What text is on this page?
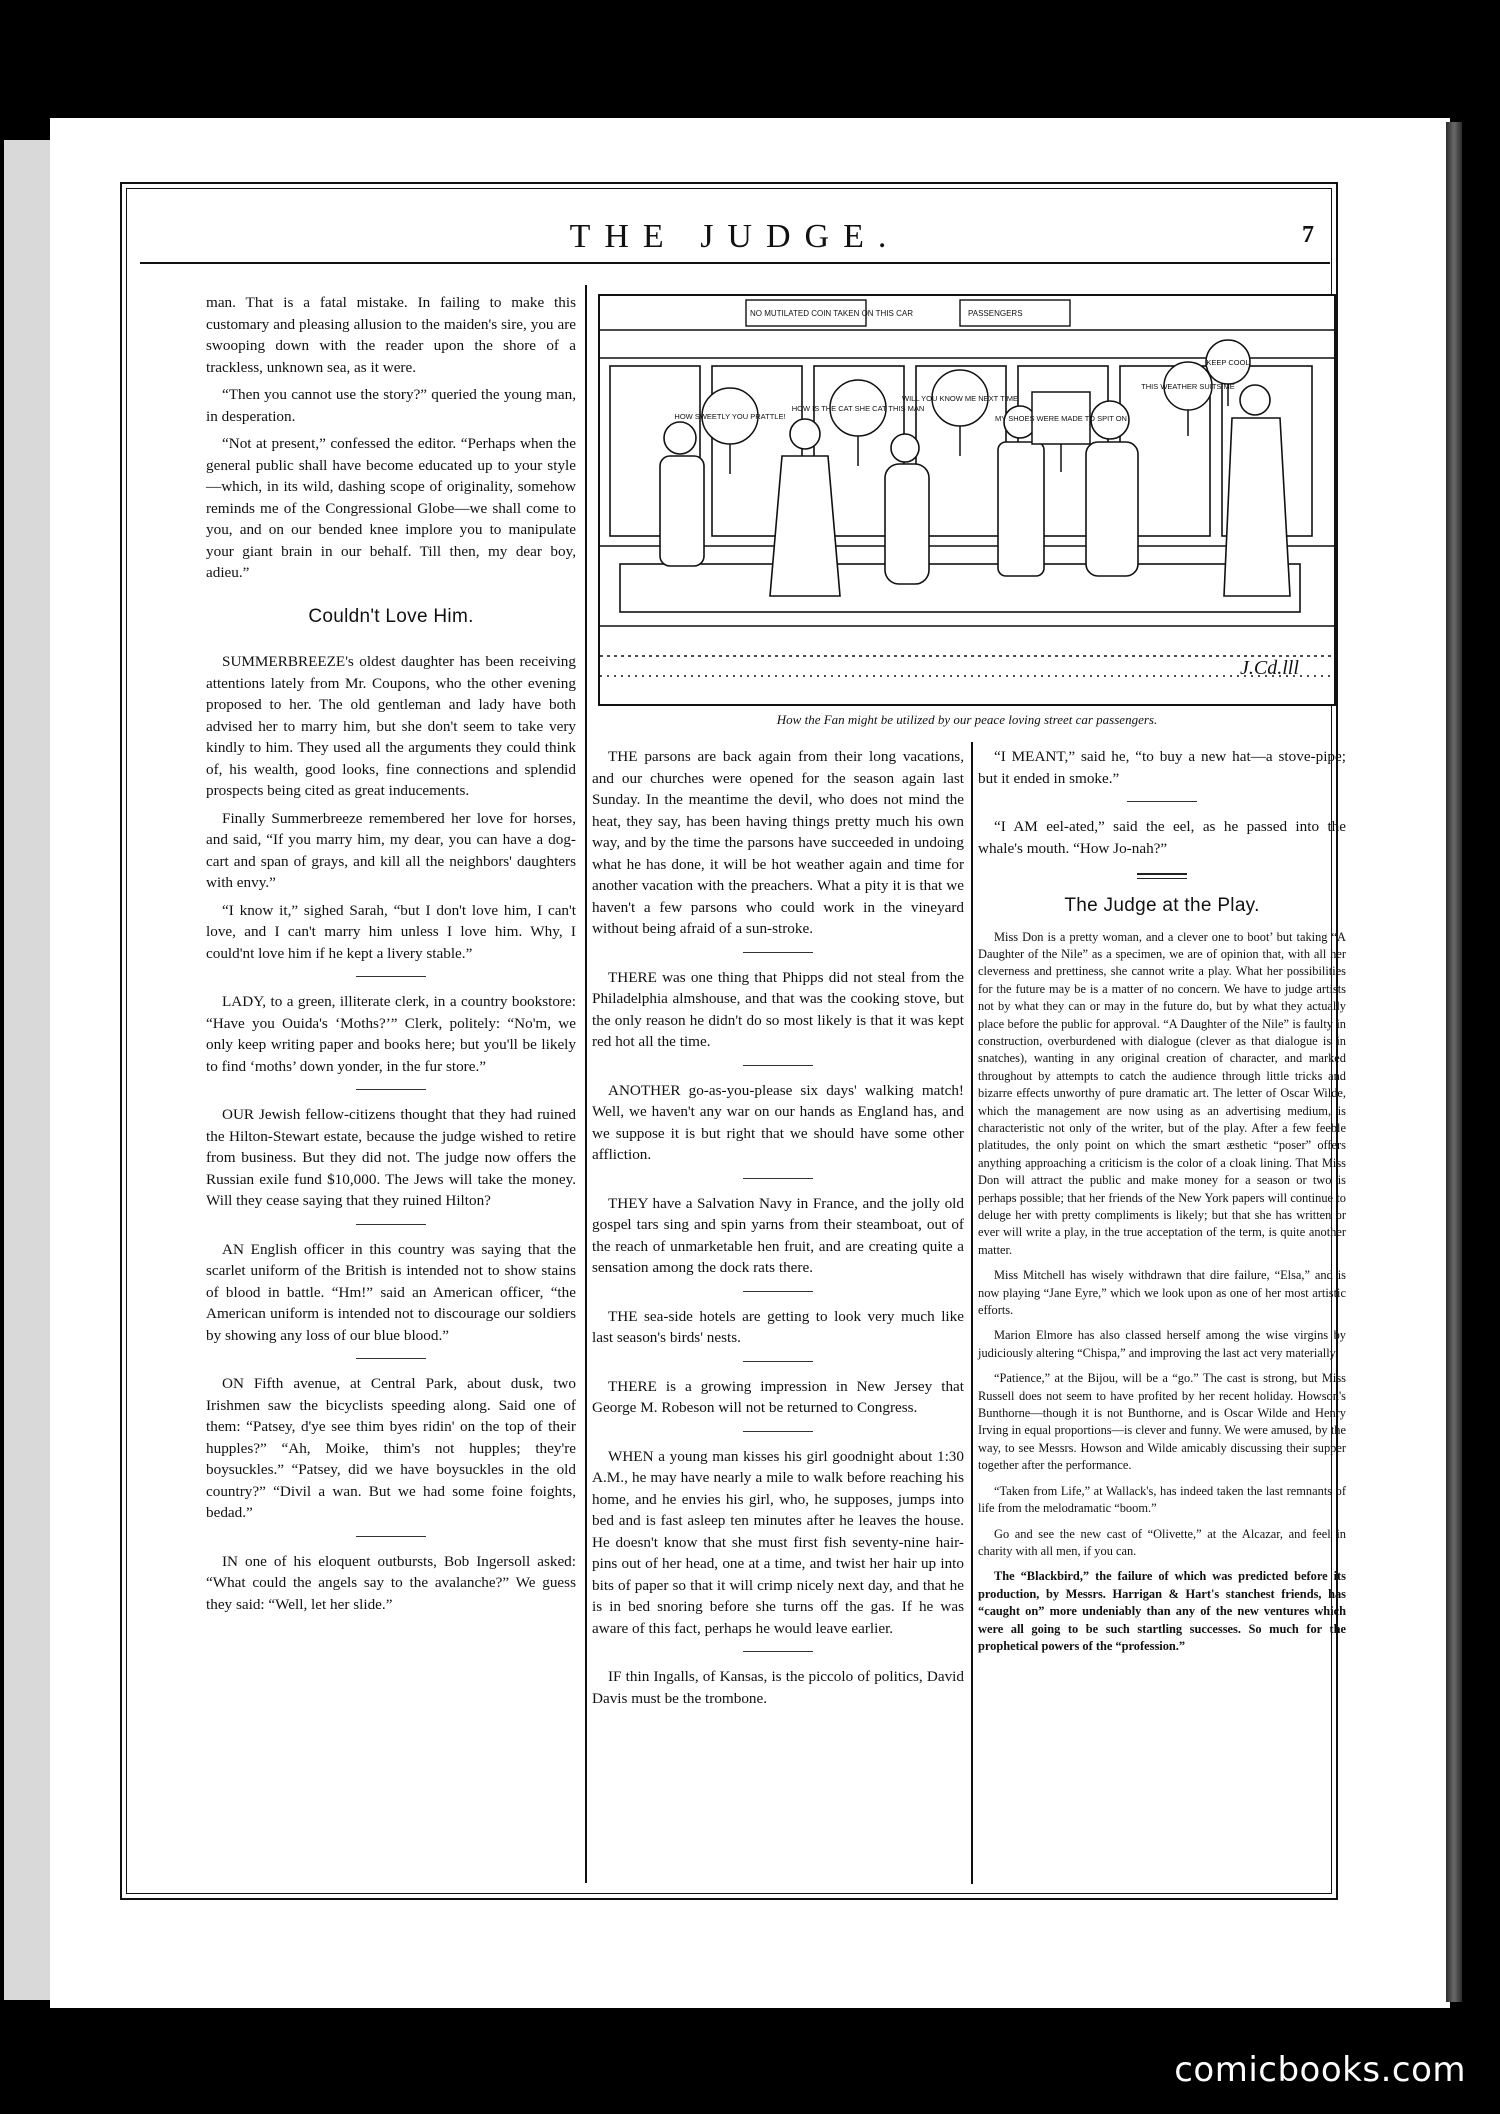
THE JUDGE.	7

man. That is a fatal mistake. In failing to make this customary and pleasing allusion to the maiden's sire, you are swooping down with the reader upon the shore of a trackless, unknown sea, as it were.

“Then you cannot use the story?” queried the young man, in desperation.

“Not at present,” confessed the editor. “Perhaps when the general public shall have become educated up to your style—which, in its wild, dashing scope of originality, somehow reminds me of the Congressional Globe—we shall come to you, and on our bended knee implore you to manipulate your giant brain in our behalf. Till then, my dear boy, adieu.”

Couldn't Love Him.

SUMMERBREEZE's oldest daughter has been receiving attentions lately from Mr. Coupons, who the other evening proposed to her. The old gentleman and lady have both advised her to marry him, but she don't seem to take very kindly to him. They used all the arguments they could think of, his wealth, good looks, fine connections and splendid prospects being cited as great inducements.

Finally Summerbreeze remembered her love for horses, and said, “If you marry him, my dear, you can have a dog-cart and span of grays, and kill all the neighbors' daughters with envy.”

“I know it,” sighed Sarah, “but I don't love him, I can't love, and I can't marry him unless I love him. Why, I could'nt love him if he kept a livery stable.”

LADY, to a green, illiterate clerk, in a country bookstore: “Have you Ouida's ‘Moths?’” Clerk, politely: “No'm, we only keep writing paper and books here; but you'll be likely to find ‘moths’ down yonder, in the fur store.”

OUR Jewish fellow-citizens thought that they had ruined the Hilton-Stewart estate, because the judge wished to retire from business. But they did not. The judge now offers the Russian exile fund $10,000. The Jews will take the money. Will they cease saying that they ruined Hilton?

AN English officer in this country was saying that the scarlet uniform of the British is intended not to show stains of blood in battle. “Hm!” said an American officer, “the American uniform is intended not to discourage our soldiers by showing any loss of our blue blood.”

ON Fifth avenue, at Central Park, about dusk, two Irishmen saw the bicyclists speeding along. Said one of them: “Patsey, d'ye see thim byes ridin' on the top of their hupples?” “Ah, Moike, thim's not hupples; they're boysuckles.” “Patsey, did we have boysuckles in the old country?” “Divil a wan. But we had some foine foights, bedad.”

IN one of his eloquent outbursts, Bob Ingersoll asked: “What could the angels say to the avalanche?” We guess they said: “Well, let her slide.”

NO MUTILATED COIN TAKEN ON THIS CAR	PASSENGERS
HOW SWEETLY YOU PRATTLE!
HOW IS THE CAT SHE CAT THIS MAN
WILL YOU KNOW ME NEXT TIME
MY SHOES WERE MADE TO SPIT ON
THIS WEATHER SUITS ME
KEEP COOL
J.Cd.lll
How the Fan might be utilized by our peace loving street car passengers.

THE parsons are back again from their long vacations, and our churches were opened for the season again last Sunday. In the meantime the devil, who does not mind the heat, they say, has been having things pretty much his own way, and by the time the parsons have succeeded in undoing what he has done, it will be hot weather again and time for another vacation with the preachers. What a pity it is that we haven't a few parsons who could work in the vineyard without being afraid of a sun-stroke.

THERE was one thing that Phipps did not steal from the Philadelphia almshouse, and that was the cooking stove, but the only reason he didn't do so most likely is that it was kept red hot all the time.

ANOTHER go-as-you-please six days' walking match! Well, we haven't any war on our hands as England has, and we suppose it is but right that we should have some other affliction.

THEY have a Salvation Navy in France, and the jolly old gospel tars sing and spin yarns from their steamboat, out of the reach of unmarketable hen fruit, and are creating quite a sensation among the dock rats there.

THE sea-side hotels are getting to look very much like last season's birds' nests.

THERE is a growing impression in New Jersey that George M. Robeson will not be returned to Congress.

WHEN a young man kisses his girl goodnight about 1:30 A.M., he may have nearly a mile to walk before reaching his home, and he envies his girl, who, he supposes, jumps into bed and is fast asleep ten minutes after he leaves the house. He doesn't know that she must first fish seventy-nine hair-pins out of her head, one at a time, and twist her hair up into bits of paper so that it will crimp nicely next day, and that he is in bed snoring before she turns off the gas. If he was aware of this fact, perhaps he would leave earlier.

IF thin Ingalls, of Kansas, is the piccolo of politics, David Davis must be the trombone.

“I MEANT,” said he, “to buy a new hat—a stove-pipe; but it ended in smoke.”

“I AM eel-ated,” said the eel, as he passed into the whale's mouth. “How Jo-nah?”

The Judge at the Play.

Miss Don is a pretty woman, and a clever one to boot’ but taking “A Daughter of the Nile” as a specimen, we are of opinion that, with all her cleverness and prettiness, she cannot write a play. What her possibilities for the future may be is a matter of no concern. We have to judge artists not by what they can or may in the future do, but by what they actually place before the public for approval. “A Daughter of the Nile” is faulty in construction, overburdened with dialogue (clever as that dialogue is in snatches), wanting in any original creation of character, and marked throughout by attempts to catch the audience through little tricks and bizarre effects unworthy of pure dramatic art. The letter of Oscar Wilde, which the management are now using as an advertising medium, is characteristic not only of the writer, but of the play. After a few feeble platitudes, the only point on which the smart æsthetic “poser” offers anything approaching a criticism is the color of a cloak lining. That Miss Don will attract the public and make money for a season or two is perhaps possible; that her friends of the New York papers will continue to deluge her with pretty compliments is likely; but that she has written or ever will write a play, in the true acceptation of the term, is quite another matter.

Miss Mitchell has wisely withdrawn that dire failure, “Elsa,” and is now playing “Jane Eyre,” which we look upon as one of her most artistic efforts.

Marion Elmore has also classed herself among the wise virgins by judiciously altering “Chispa,” and improving the last act very materially.

“Patience,” at the Bijou, will be a “go.” The cast is strong, but Miss Russell does not seem to have profited by her recent holiday. Howson's Bunthorne—though it is not Bunthorne, and is Oscar Wilde and Henry Irving in equal proportions—is clever and funny. We were amused, by the way, to see Messrs. Howson and Wilde amicably discussing their supper together after the performance.

“Taken from Life,” at Wallack's, has indeed taken the last remnants of life from the melodramatic “boom.”

Go and see the new cast of “Olivette,” at the Alcazar, and feel in charity with all men, if you can.

The “Blackbird,” the failure of which was predicted before its production, by Messrs. Harrigan & Hart's stanchest friends, has “caught on” more undeniably than any of the new ventures which were all going to be such startling successes. So much for the prophetical powers of the “profession.”

comicbooks.com
